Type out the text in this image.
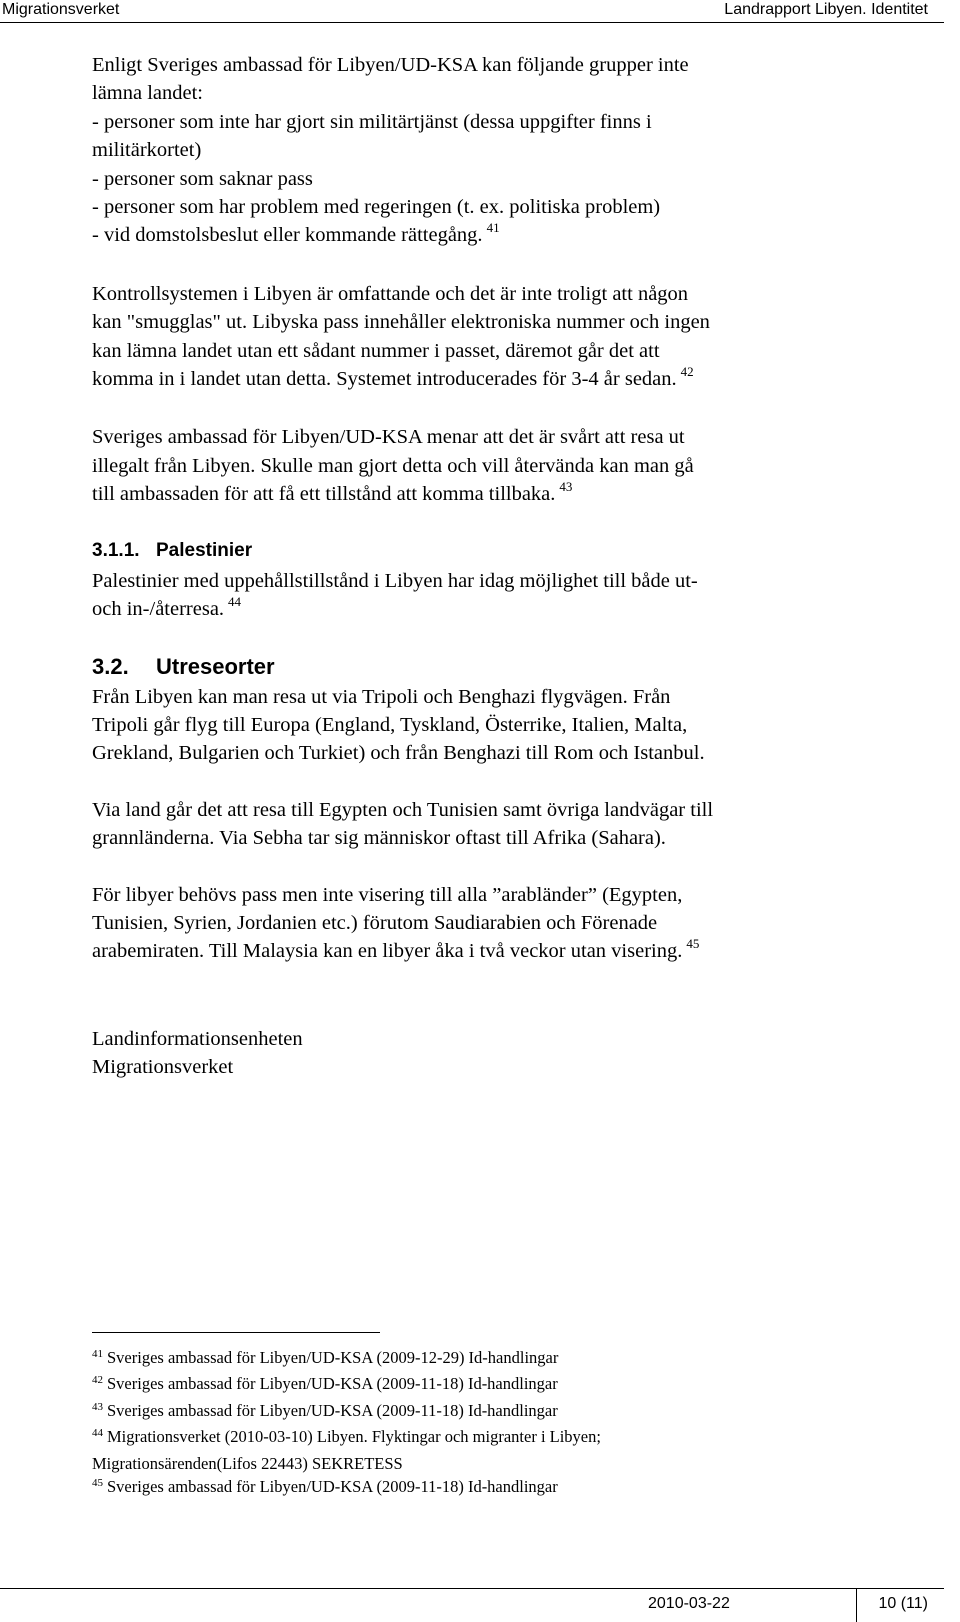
Migrationsverket	Landrapport Libyen. Identitet
Enligt Sveriges ambassad för Libyen/UD-KSA kan följande grupper inte
lämna landet:
- personer som inte har gjort sin militärtjänst (dessa uppgifter finns i
militärkortet)
- personer som saknar pass
- personer som har problem med regeringen (t. ex. politiska problem)
- vid domstolsbeslut eller kommande rättegång. $^{41}$
Kontrollsystemen i Libyen är omfattande och det är inte troligt att någon
kan "smugglas" ut. Libyska pass innehåller elektroniska nummer och ingen
kan lämna landet utan ett sådant nummer i passet, däremot går det att
komma in i landet utan detta. Systemet introducerades för 3-4 år sedan. $^{42}$
Sveriges ambassad för Libyen/UD-KSA menar att det är svårt att resa ut
illegalt från Libyen. Skulle man gjort detta och vill återvända kan man gå
till ambassaden för att få ett tillstånd att komma tillbaka. $^{43}$
3.1.1. Palestinier
Palestinier med uppehållstillstånd i Libyen har idag möjlighet till både ut-
och in-/återresa. $^{44}$
3.2. Utreseorter
Från Libyen kan man resa ut via Tripoli och Benghazi flygvägen. Från
Tripoli går flyg till Europa (England, Tyskland, Österrike, Italien, Malta,
Grekland, Bulgarien och Turkiet) och från Benghazi till Rom och Istanbul.
Via land går det att resa till Egypten och Tunisien samt övriga landvägar till
grannländerna. Via Sebha tar sig människor oftast till Afrika (Sahara).
För libyer behövs pass men inte visering till alla ”arabländer” (Egypten,
Tunisien, Syrien, Jordanien etc.) förutom Saudiarabien och Förenade
arabemiraten. Till Malaysia kan en libyer åka i två veckor utan visering. $^{45}$
Landinformationsenheten
Migrationsverket
$^{41}$ Sveriges ambassad för Libyen/UD-KSA (2009-12-29) Id-handlingar
$^{42}$ Sveriges ambassad för Libyen/UD-KSA (2009-11-18) Id-handlingar
$^{43}$ Sveriges ambassad för Libyen/UD-KSA (2009-11-18) Id-handlingar
$^{44}$ Migrationsverket (2010-03-10) Libyen. Flyktingar och migranter i Libyen;
Migrationsärenden(Lifos 22443) SEKRETESS
$^{45}$ Sveriges ambassad för Libyen/UD-KSA (2009-11-18) Id-handlingar
2010-03-22	10 (11)
